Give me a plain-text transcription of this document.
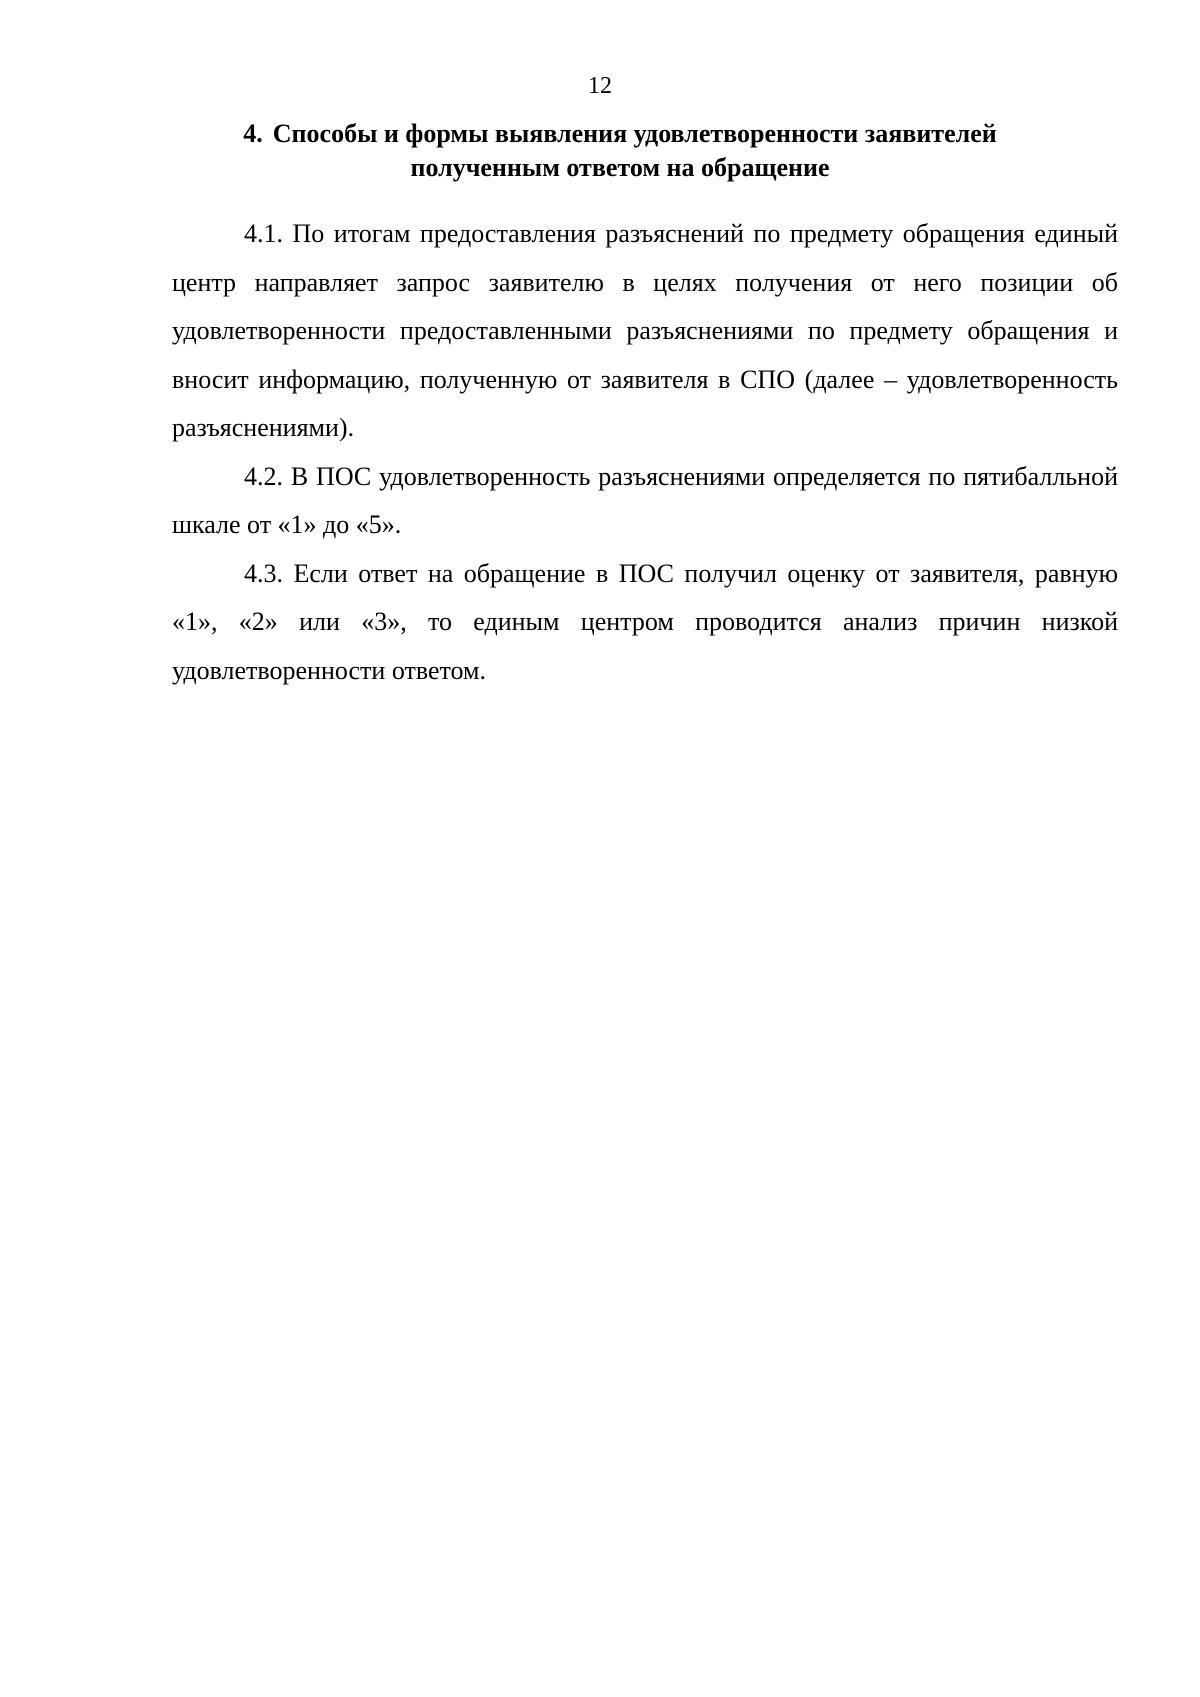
12
4. Способы и формы выявления удовлетворенности заявителей
полученным ответом на обращение

4.1. По итогам предоставления разъяснений по предмету обращения единый центр направляет запрос заявителю в целях получения от него позиции об удовлетворенности предоставленными разъяснениями по предмету обращения и вносит информацию, полученную от заявителя в СПО (далее – удовлетворенность разъяснениями).

4.2. В ПОС удовлетворенность разъяснениями определяется по пятибалльной шкале от «1» до «5».

4.3. Если ответ на обращение в ПОС получил оценку от заявителя, равную «1», «2» или «3», то единым центром проводится анализ причин низкой удовлетворенности ответом.
